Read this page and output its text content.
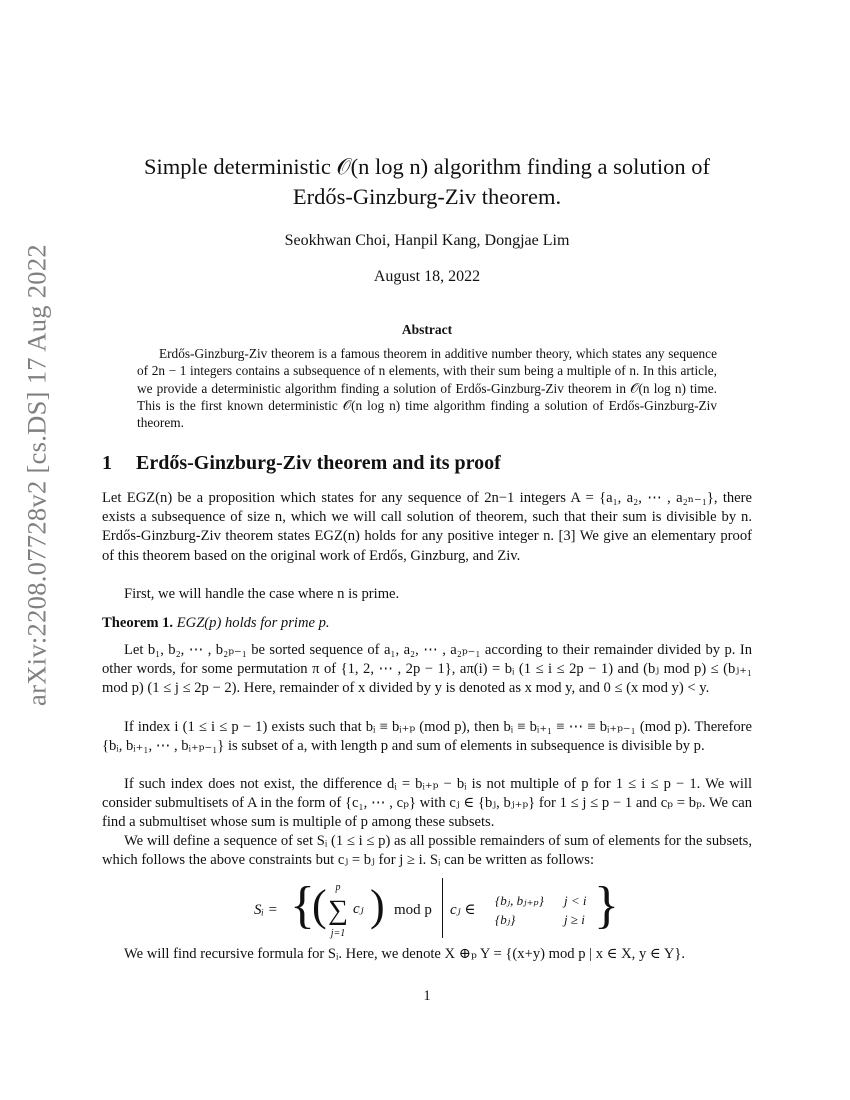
arXiv:2208.07728v2 [cs.DS] 17 Aug 2022
Simple deterministic 𝒪(n log n) algorithm finding a solution of
Erdős-Ginzburg-Ziv theorem.
Seokhwan Choi, Hanpil Kang, Dongjae Lim
August 18, 2022
Abstract
Erdős-Ginzburg-Ziv theorem is a famous theorem in additive number theory, which states any sequence of 2n − 1 integers contains a subsequence of n elements, with their sum being a multiple of n. In this article, we provide a deterministic algorithm finding a solution of Erdős-Ginzburg-Ziv theorem in 𝒪(n log n) time. This is the first known deterministic 𝒪(n log n) time algorithm finding a solution of Erdős-Ginzburg-Ziv theorem.
1 Erdős-Ginzburg-Ziv theorem and its proof

Let EGZ(n) be a proposition which states for any sequence of 2n−1 integers A = {a₁, a₂, ⋯ , a₂ₙ₋₁}, there exists a subsequence of size n, which we will call solution of theorem, such that their sum is divisible by n. Erdős-Ginzburg-Ziv theorem states EGZ(n) holds for any positive integer n. [3] We give an elementary proof of this theorem based on the original work of Erdős, Ginzburg, and Ziv.

First, we will handle the case where n is prime.

Theorem 1. EGZ(p) holds for prime p.

Let b₁, b₂, ⋯ , b₂ₚ₋₁ be sorted sequence of a₁, a₂, ⋯ , a₂ₚ₋₁ according to their remainder divided by p. In other words, for some permutation π of {1, 2, ⋯ , 2p − 1}, aπ(i) = bᵢ (1 ≤ i ≤ 2p − 1) and (bⱼ mod p) ≤ (bⱼ₊₁ mod p) (1 ≤ j ≤ 2p − 2). Here, remainder of x divided by y is denoted as x mod y, and 0 ≤ (x mod y) < y.

If index i (1 ≤ i ≤ p − 1) exists such that bᵢ ≡ bᵢ₊ₚ (mod p), then bᵢ ≡ bᵢ₊₁ ≡ ⋯ ≡ bᵢ₊ₚ₋₁ (mod p). Therefore {bᵢ, bᵢ₊₁, ⋯ , bᵢ₊ₚ₋₁} is subset of a, with length p and sum of elements in subsequence is divisible by p.

If such index does not exist, the difference dᵢ = bᵢ₊ₚ − bᵢ is not multiple of p for 1 ≤ i ≤ p − 1. We will consider submultisets of A in the form of {c₁, ⋯ , cₚ} with cⱼ ∈ {bⱼ, bⱼ₊ₚ} for 1 ≤ j ≤ p − 1 and cₚ = bₚ. We can find a submultiset whose sum is multiple of p among these subsets.

We will define a sequence of set Sᵢ (1 ≤ i ≤ p) as all possible remainders of sum of elements for the subsets, which follows the above constraints but cⱼ = bⱼ for j ≥ i. Sᵢ can be written as follows:

Sᵢ = {
( p
∑
j=1
cⱼ ) mod p cⱼ ∈
{bⱼ, bⱼ₊ₚ} j < i
{bⱼ}	j ≥ i }

We will find recursive formula for Sᵢ. Here, we denote X ⊕ₚ Y = {(x+y) mod p | x ∈ X, y ∈ Y}.

1
